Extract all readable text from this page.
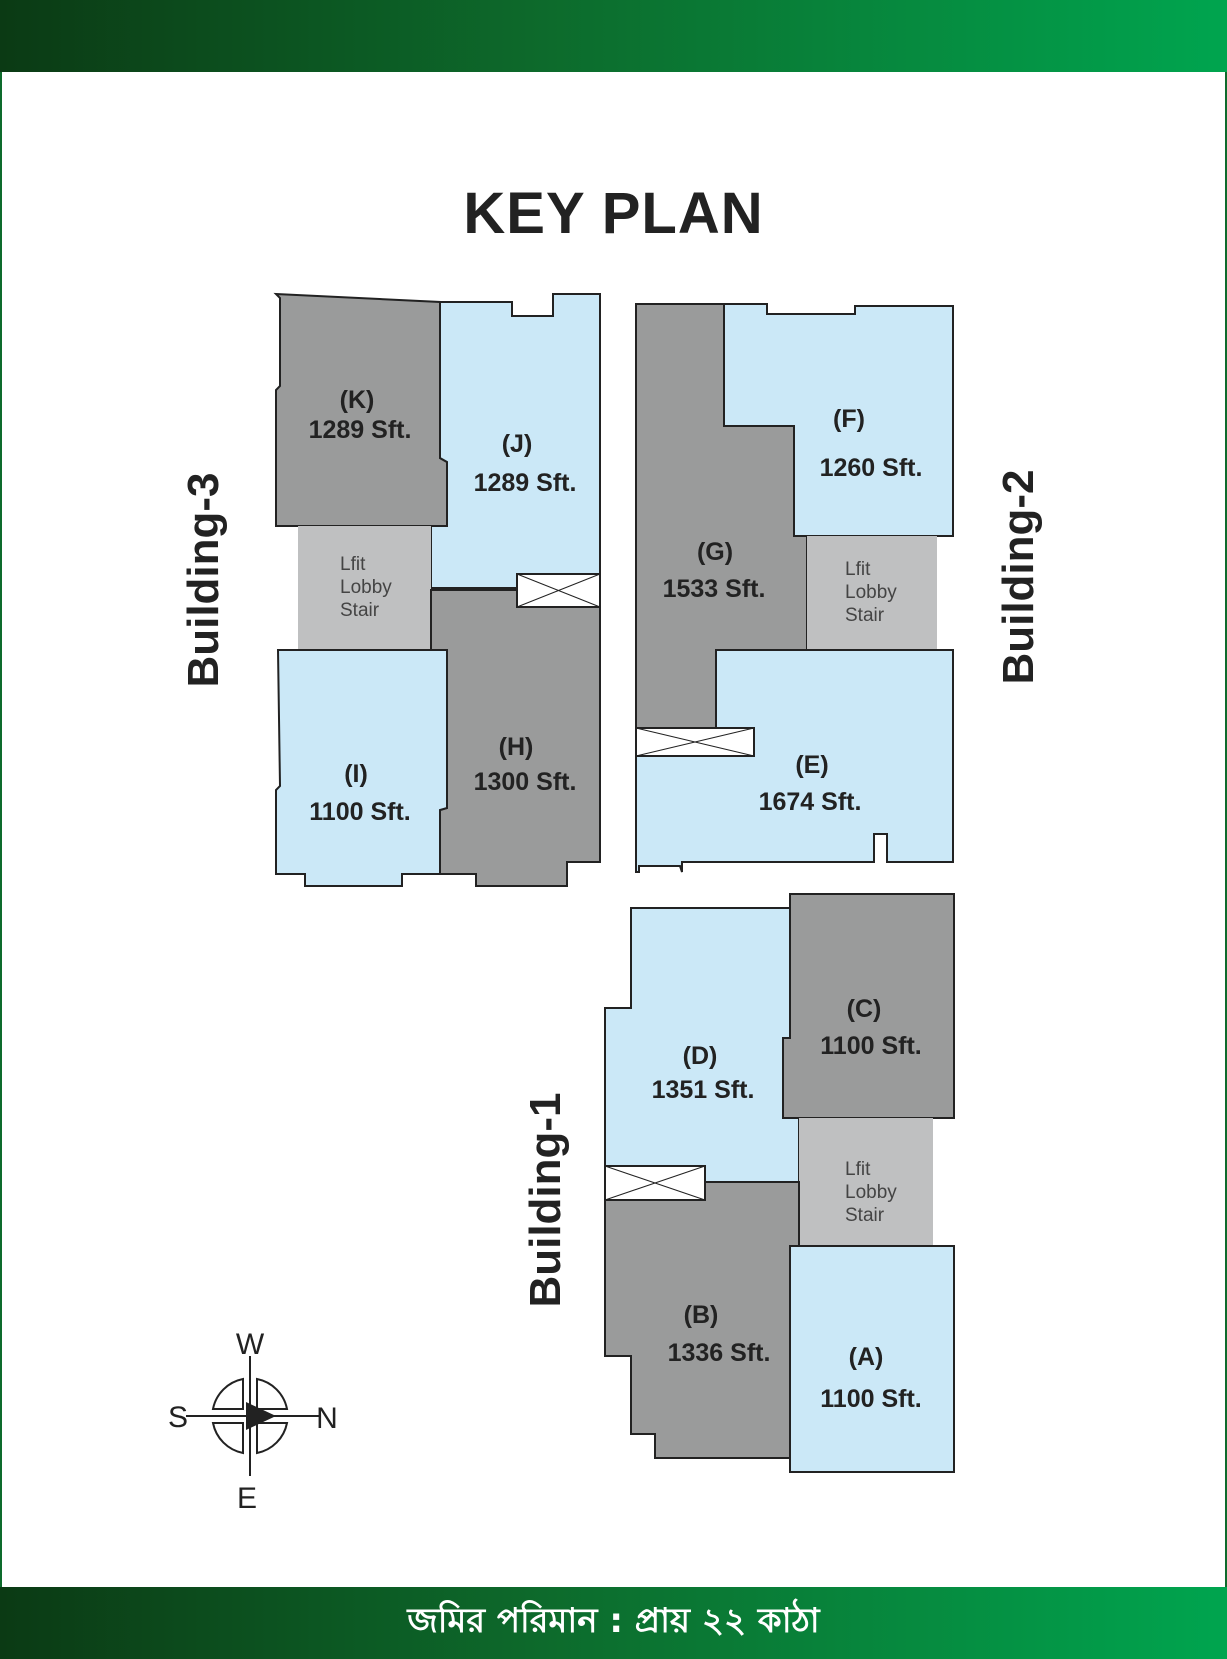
KEY PLAN
(K)
1289 Sft.	(J)
1289 Sft.
(H)
1300 Sft.
(I)
1100 Sft.
(F)
1260 Sft.
(G)
1533 Sft.
(E)
1674 Sft.
(C)
1100 Sft.
(D)
1351 Sft.
(B)
1336 Sft.	(A)
1100 Sft.
Lfit
Lobby
Stair
Lfit
Lobby
Stair
Lfit
Lobby
Stair
Building-3	Building-2
Building-1
W
S	N
E
জমির পরিমান : প্রায় ২২ কাঠা
